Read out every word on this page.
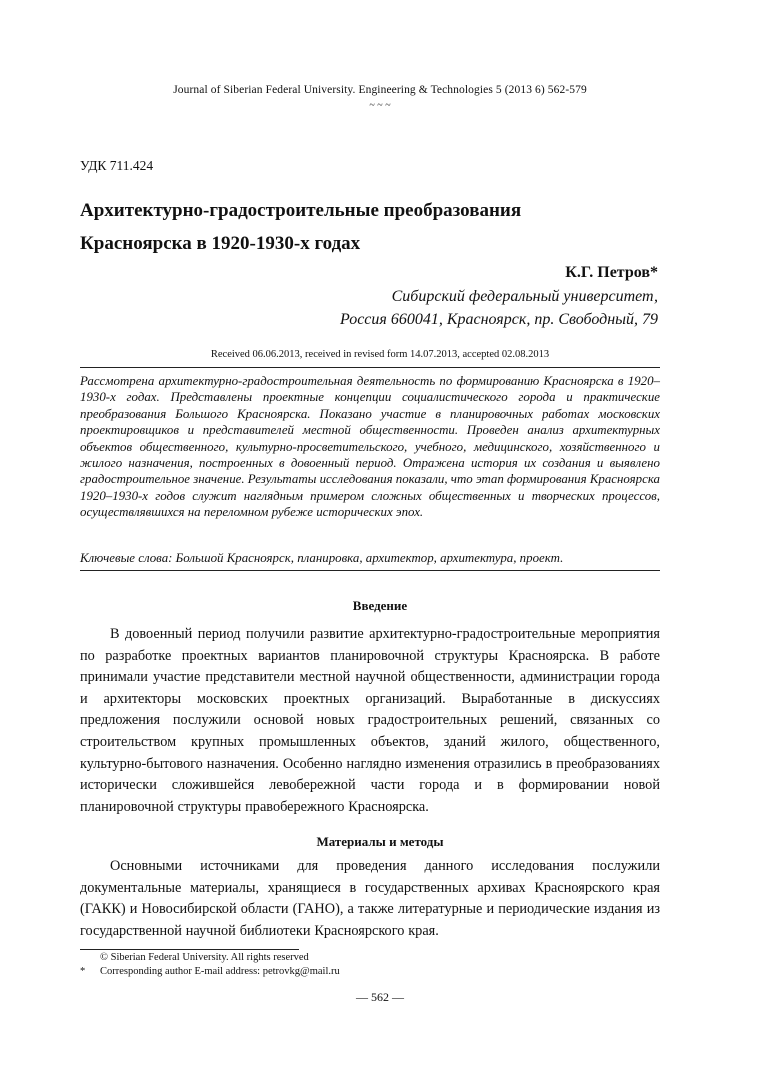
Journal of Siberian Federal University. Engineering & Technologies 5 (2013 6) 562-579
~ ~ ~
УДК 711.424
Архитектурно-градостроительные преобразования
Красноярска в 1920-1930-х годах
К.Г. Петров*
Сибирский федеральный университет,
Россия 660041, Красноярск, пр. Свободный, 79
Received 06.06.2013, received in revised form 14.07.2013, accepted 02.08.2013

Рассмотрена архитектурно-градостроительная деятельность по формированию Красноярска в 1920–1930-х годах. Представлены проектные концепции социалистического города и практические преобразования Большого Красноярска. Показано участие в планировочных работах московских проектировщиков и представителей местной общественности. Проведен анализ архитектурных объектов общественного, культурно-просветительского, учебного, медицинского, хозяйственного и жилого назначения, построенных в довоенный период. Отражена история их создания и выявлено градостроительное значение. Результаты исследования показали, что этап формирования Красноярска 1920–1930-х годов служит наглядным примером сложных общественных и творческих процессов, осуществлявшихся на переломном рубеже исторических эпох.

Ключевые слова: Большой Красноярск, планировка, архитектор, архитектура, проект.

Введение

В довоенный период получили развитие архитектурно-градостроительные мероприятия по разработке проектных вариантов планировочной структуры Красноярска. В работе принимали участие представители местной научной общественности, администрации города и архитекторы московских проектных организаций. Выработанные в дискуссиях предложения послужили основой новых градостроительных решений, связанных со строительством крупных промышленных объектов, зданий жилого, общественного, культурно-бытового назначения. Особенно наглядно изменения отразились в преобразованиях исторически сложившейся левобережной части города и в формировании новой планировочной структуры правобережного Красноярска.

Материалы и методы

Основными источниками для проведения данного исследования послужили документальные материалы, хранящиеся в государственных архивах Красноярского края (ГАКК) и Новосибирской области (ГАНО), а также литературные и периодические издания из государственной научной библиотеки Красноярского края.

© Siberian Federal University. All rights reserved
* Corresponding author E-mail address: petrovkg@mail.ru
— 562 —
